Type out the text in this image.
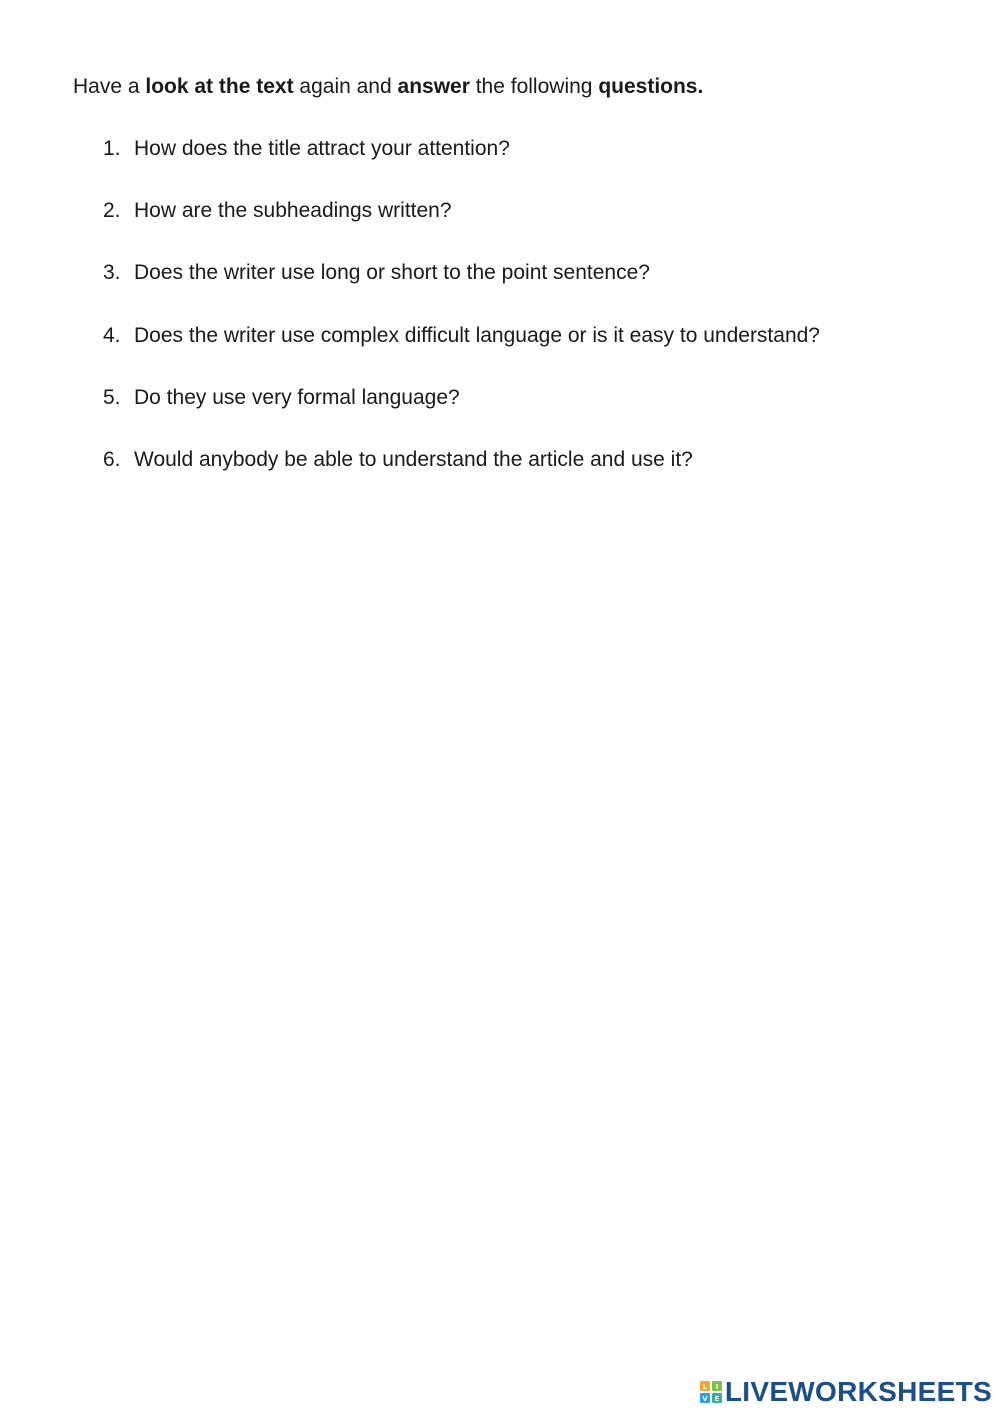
Have a look at the text again and answer the following questions.
1. How does the title attract your attention?
2. How are the subheadings written?
3. Does the writer use long or short to the point sentence?
4. Does the writer use complex difficult language or is it easy to understand?
5. Do they use very formal language?
6. Would anybody be able to understand the article and use it?
L I
V E LIVEWORKSHEETS
